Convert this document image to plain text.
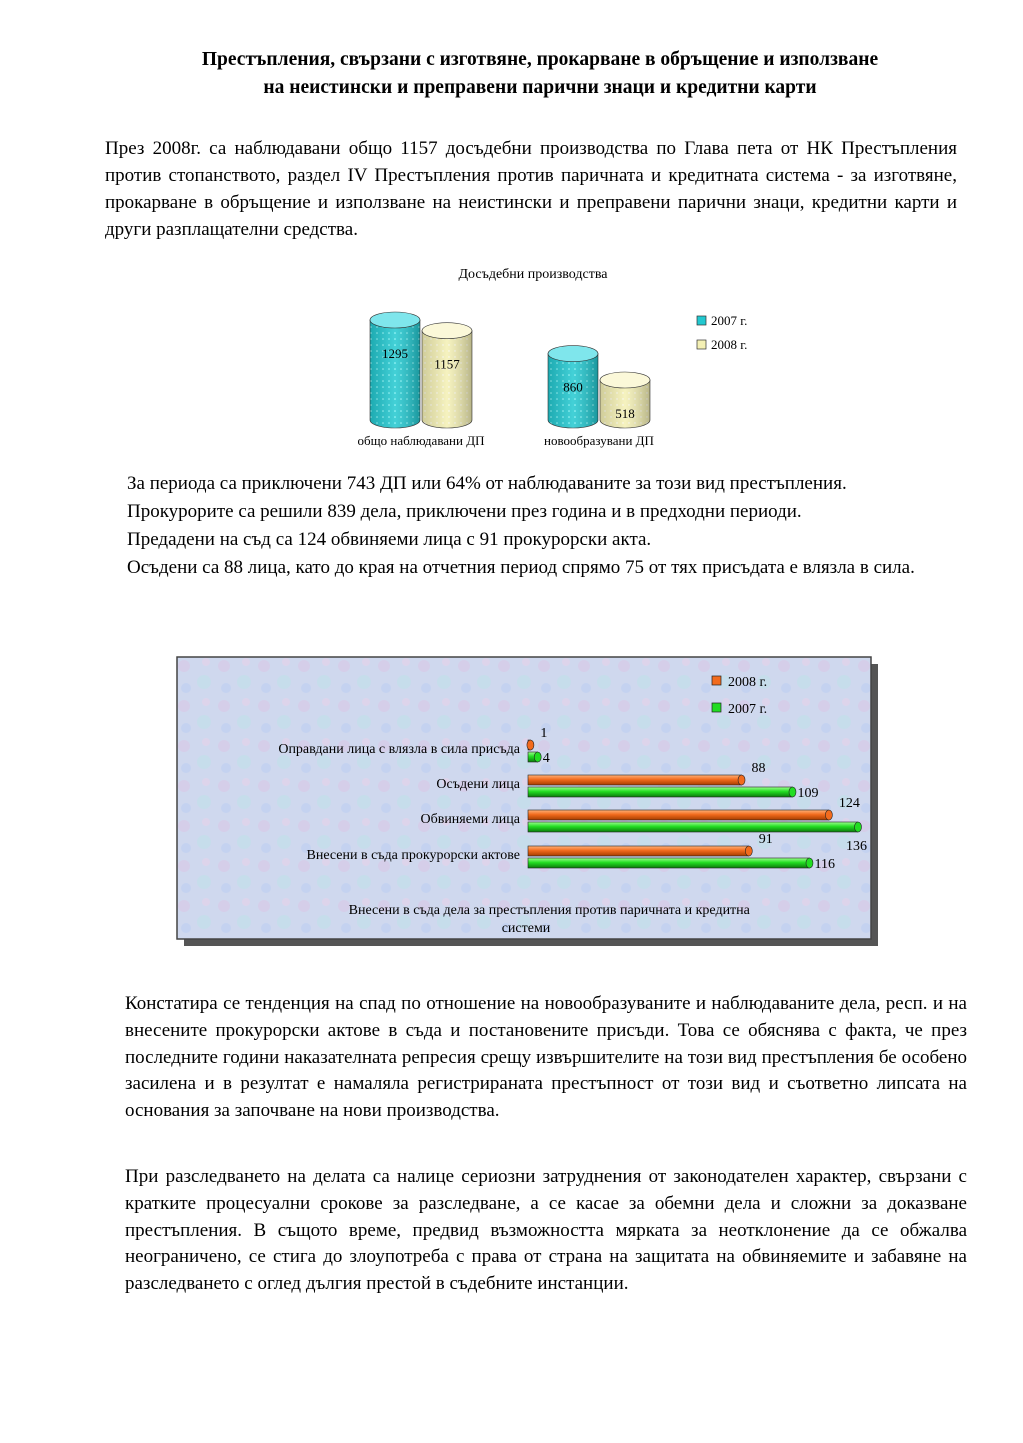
Престъпления, свързани с изготвяне, прокарване в обръщение и използване
на неистински и преправени парични знаци и кредитни карти
През 2008г. са наблюдавани общо 1157 досъдебни производства по Глава пета от НК Престъпления против стопанството, раздел IV Престъпления против паричната и кредитната система - за изготвяне, прокарване в обръщение и използване на неистински и преправени парични знаци, кредитни карти и други разплащателни средства.
Досъдебни производства
1295
1157
общо наблюдавани ДП
860
518
новообразувани ДП
2007 г.
2008 г.

За периода са приключени 743 ДП или 64% от наблюдаваните за този вид престъпления.

Прокурорите са решили 839 дела, приключени през година и в предходни периоди.

Предадени на съд са 124 обвиняеми лица с 91 прокурорски акта.

Осъдени са 88 лица, като до края на отчетния период спрямо 75 от тях присъдата е влязла в сила.

1
4
88
109
124
136
91
116
Оправдани лица с влязла в сила присъда
Осъдени лица
Обвиняеми лица
Внесени в съда прокурорски актове
2008 г.
2007 г.
Внесени в съда дела за престъпления против паричната и кредитна системи
Констатира се тенденция на спад по отношение на новообразуваните и наблюдаваните дела, респ. и на внесените прокурорски актове в съда и постановените присъди. Това се обяснява с факта, че през последните години наказателната репресия срещу извършителите на този вид престъпления бе особено засилена и в резултат е намаляла регистрираната престъпност от този вид и съответно липсата на основания за започване на нови производства.
При разследването на делата са налице сериозни затруднения от законодателен характер, свързани с кратките процесуални срокове за разследване, а се касае за обемни дела и сложни за доказване престъпления. В същото време, предвид възможността мярката за неотклонение да се обжалва неограничено, се стига до злоупотреба с права от страна на защитата на обвиняемите и забавяне на разследването с оглед дългия престой в съдебните инстанции.
